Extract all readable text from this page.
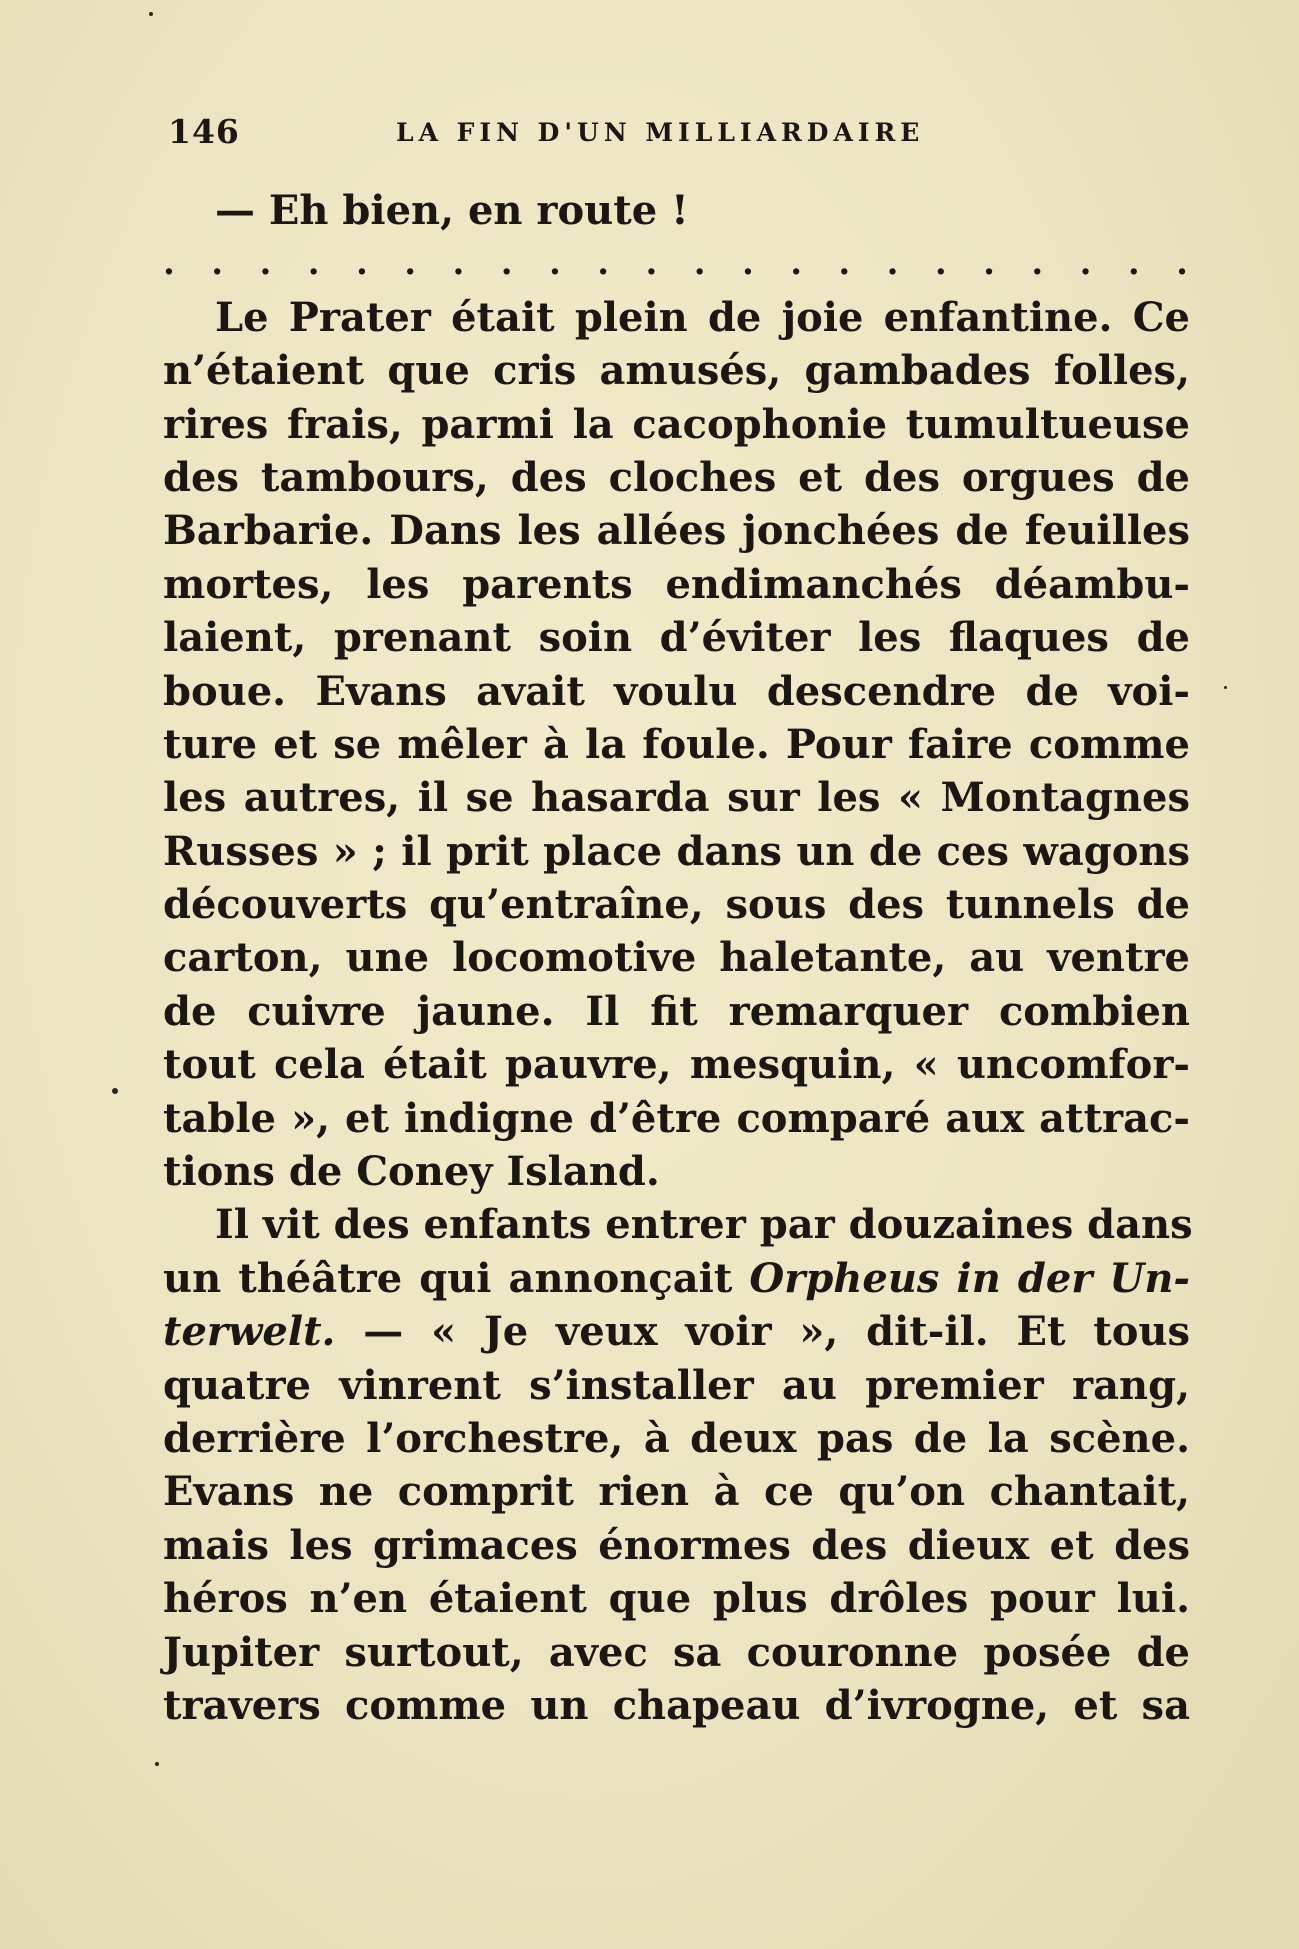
146	LA FIN D'UN MILLIARDAIRE
— Eh bien, en route !
. . . . . . . . . . . . . . . . . . . . . .
Le Prater était plein de joie enfantine. Ce
n’étaient que cris amusés, gambades folles,
rires frais, parmi la cacophonie tumultueuse
des tambours, des cloches et des orgues de
Barbarie. Dans les allées jonchées de feuilles
mortes, les parents endimanchés déambu-
laient, prenant soin d’éviter les flaques de
boue. Evans avait voulu descendre de voi-
ture et se mêler à la foule. Pour faire comme
les autres, il se hasarda sur les « Montagnes
Russes » ; il prit place dans un de ces wagons
découverts qu’entraîne, sous des tunnels de
carton, une locomotive haletante, au ventre
de cuivre jaune. Il fit remarquer combien
tout cela était pauvre, mesquin, « uncomfor-
table », et indigne d’être comparé aux attrac-
tions de Coney Island.
Il vit des enfants entrer par douzaines dans
un théâtre qui annonçait Orpheus in der Un-
terwelt. — « Je veux voir », dit-il. Et tous
quatre vinrent s’installer au premier rang,
derrière l’orchestre, à deux pas de la scène.
Evans ne comprit rien à ce qu’on chantait,
mais les grimaces énormes des dieux et des
héros n’en étaient que plus drôles pour lui.
Jupiter surtout, avec sa couronne posée de
travers comme un chapeau d’ivrogne, et sa
